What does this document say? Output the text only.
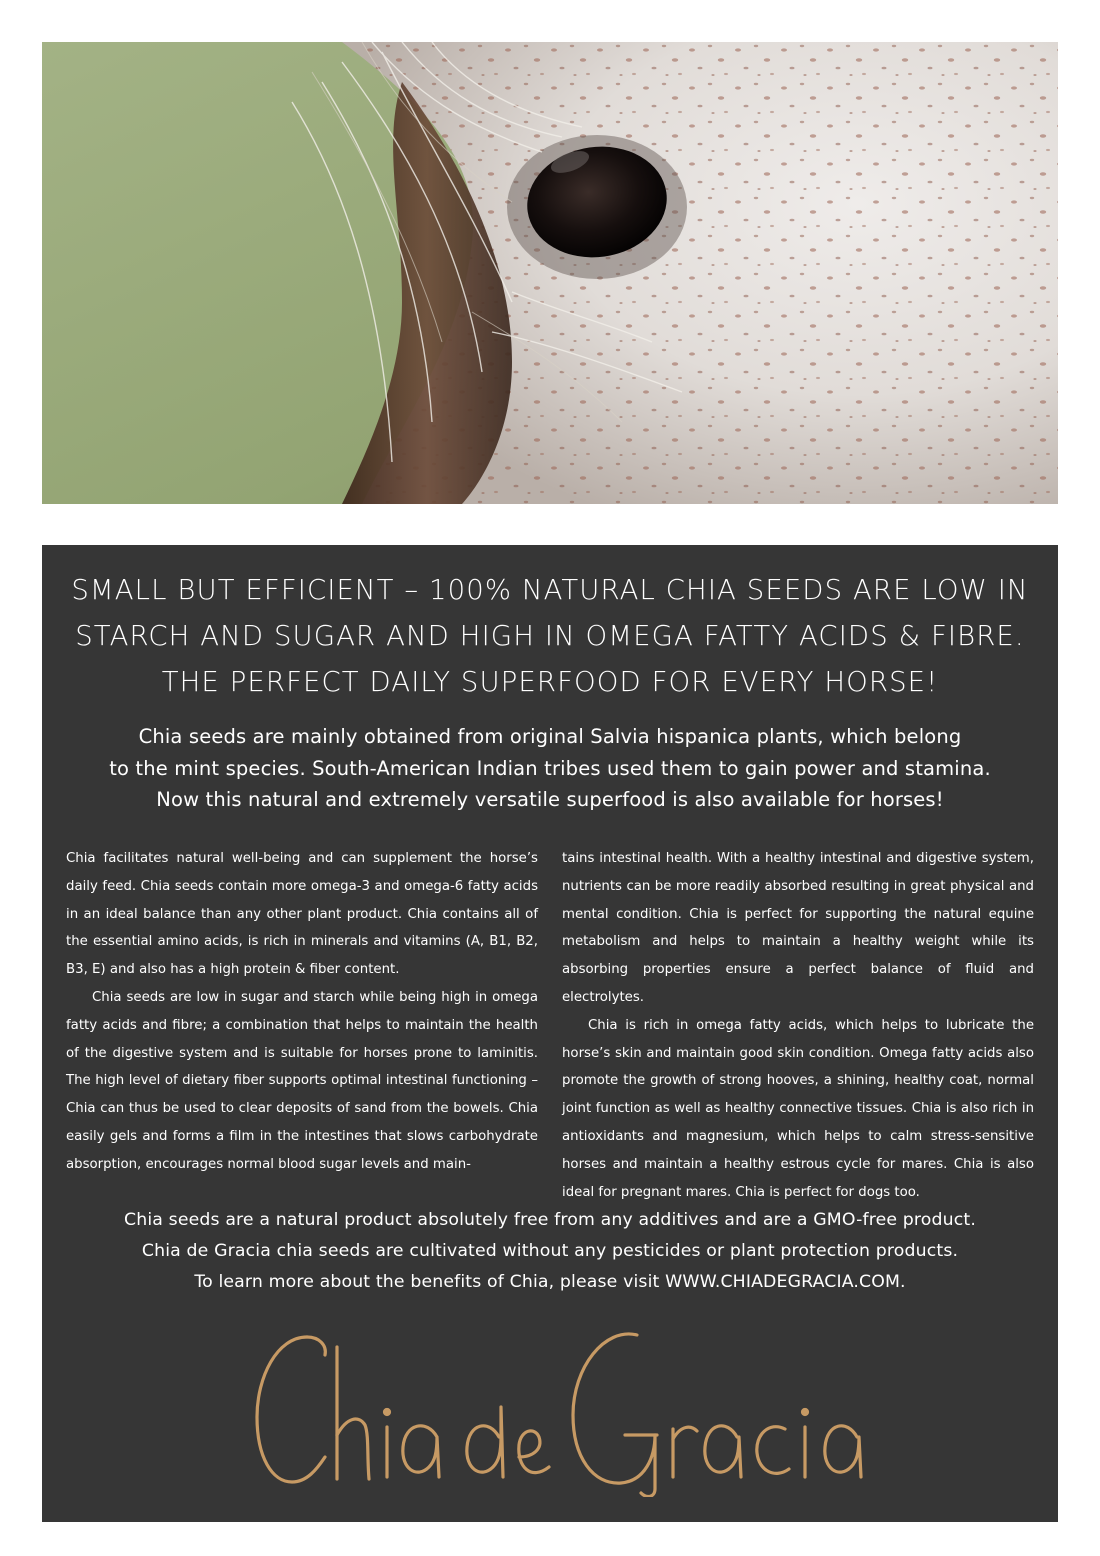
SMALL BUT EFFICIENT – 100% NATURAL CHIA SEEDS ARE LOW IN
STARCH AND SUGAR AND HIGH IN OMEGA FATTY ACIDS & FIBRE.
THE PERFECT DAILY SUPERFOOD FOR EVERY HORSE!

Chia seeds are mainly obtained from original Salvia hispanica plants, which belong
to the mint species. South-American Indian tribes used them to gain power and stamina.
Now this natural and extremely versatile superfood is also available for horses!

Chia facilitates natural well-being and can supplement the horse’s daily feed. Chia seeds contain more omega-3 and omega-6 fatty acids in an ideal balance than any other plant product. Chia contains all of the essential amino acids, is rich in minerals and vitamins (A, B1, B2, B3, E) and also has a high protein & fiber content.

Chia seeds are low in sugar and starch while being high in omega fatty acids and fibre; a combination that helps to maintain the health of the digestive system and is suitable for horses prone to laminitis. The high level of dietary fiber supports optimal intestinal functioning – Chia can thus be used to clear deposits of sand from the bowels. Chia easily gels and forms a film in the intestines that slows carbohydrate absorption, encourages normal blood sugar levels and main-

tains intestinal health. With a healthy intestinal and digestive system, nutrients can be more readily absorbed resulting in great physical and mental condition. Chia is perfect for supporting the natural equine metabolism and helps to maintain a healthy weight while its absorbing properties ensure a perfect balance of fluid and electrolytes.

Chia is rich in omega fatty acids, which helps to lubricate the horse’s skin and maintain good skin condition. Omega fatty acids also promote the growth of strong hooves, a shining, healthy coat, normal joint function as well as healthy connective tissues. Chia is also rich in antioxidants and magnesium, which helps to calm stress-sensitive horses and maintain a healthy estrous cycle for mares. Chia is also ideal for pregnant mares. Chia is perfect for dogs too.

Chia seeds are a natural product absolutely free from any additives and are a GMO-free product.
Chia de Gracia chia seeds are cultivated without any pesticides or plant protection products.
To learn more about the benefits of Chia, please visit WWW.CHIADEGRACIA.COM.
